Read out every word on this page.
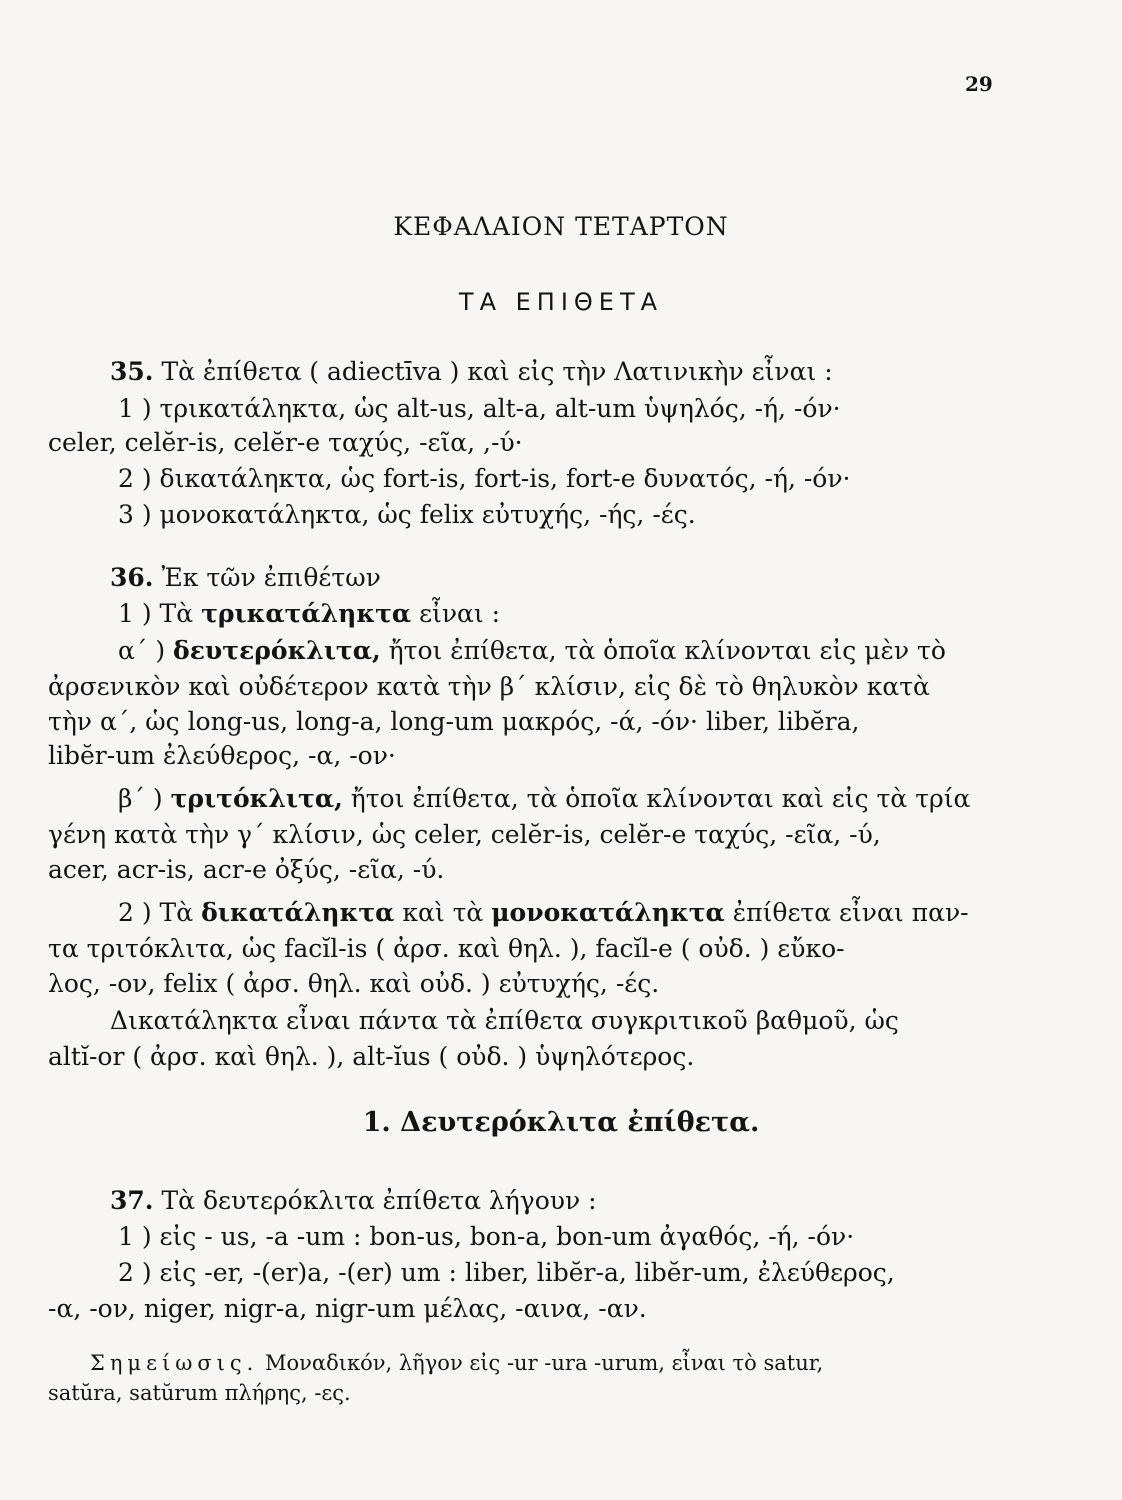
29
ΚΕΦΑΛΑΙΟΝ ΤΕΤΑΡΤΟΝ
ΤΑ ΕΠΙΘΕΤΑ
35. Τὰ ἐπίθετα ( adiectīva ) καὶ εἰς τὴν Λατινικὴν εἶναι :
1 ) τρικατάληκτα, ὡς alt-us, alt-a, alt-um ὑψηλός, -ή, -όν·
celer, celĕr-is, celĕr-e ταχύς, -εῖα, ,-ύ·
2 ) δικατάληκτα, ὡς fort-is, fort-is, fort-e δυνατός, -ή, -όν·
3 ) μονοκατάληκτα, ὡς felix εὐτυχής, -ής, -ές.
36. Ἐκ τῶν ἐπιθέτων
1 ) Τὰ τρικατάληκτα εἶναι :
α΄ ) δευτερόκλιτα, ἤτοι ἐπίθετα, τὰ ὁποῖα κλίνονται εἰς μὲν τὸ
ἀρσενικὸν καὶ οὐδέτερον κατὰ τὴν β΄ κλίσιν, εἰς δὲ τὸ θηλυκὸν κατὰ
τὴν α΄, ὡς long-us, long-a, long-um μακρός, -ά, -όν· liber, libĕra,
libĕr-um ἐλεύθερος, -α, -ον·
β΄ ) τριτόκλιτα, ἤτοι ἐπίθετα, τὰ ὁποῖα κλίνονται καὶ εἰς τὰ τρία
γένη κατὰ τὴν γ΄ κλίσιν, ὡς celer, celĕr-is, celĕr-e ταχύς, -εῖα, -ύ,
acer, acr-is, acr-e ὀξύς, -εῖα, -ύ.
2 ) Τὰ δικατάληκτα καὶ τὰ μονοκατάληκτα ἐπίθετα εἶναι παν-
τα τριτόκλιτα, ὡς facĭl-is ( ἀρσ. καὶ θηλ. ), facĭl-e ( οὐδ. ) εὔκο-
λος, -ον, felix ( ἀρσ. θηλ. καὶ οὐδ. ) εὐτυχής, -ές.
Δικατάληκτα εἶναι πάντα τὰ ἐπίθετα συγκριτικοῦ βαθμοῦ, ὡς
altĭ-or ( ἀρσ. καὶ θηλ. ), alt-ĭus ( οὐδ. ) ὑψηλότερος.
1. Δευτερόκλιτα ἐπίθετα.
37. Τὰ δευτερόκλιτα ἐπίθετα λήγουν :
1 ) εἰς - us, -a -um : bon-us, bon-a, bon-um ἀγαθός, -ή, -όν·
2 ) εἰς -er, -(er)a, -(er) um : liber, libĕr-a, libĕr-um, ἐλεύθερος,
-α, -ον, niger, nigr-a, nigr-um μέλας, -αινα, -αν.
Σημείωσις. Μοναδικόν, λῆγον εἰς -ur -ura -urum, εἶναι τὸ satur,
satŭra, satŭrum πλήρης, -ες.
